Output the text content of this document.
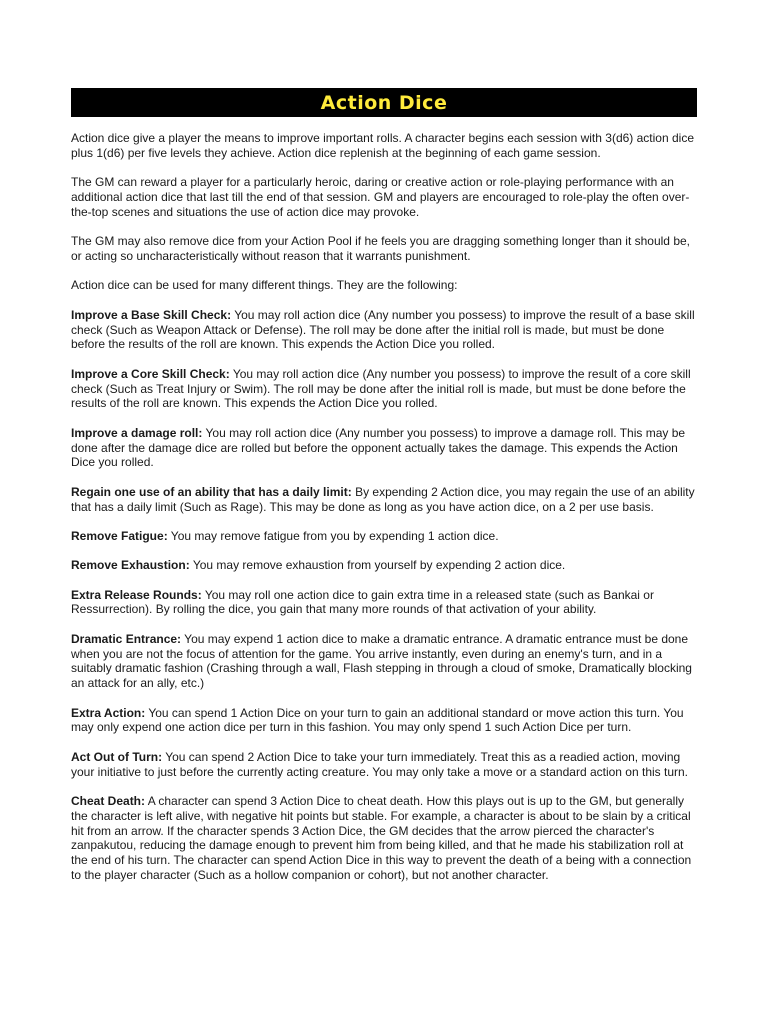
Action Dice

Action dice give a player the means to improve important rolls. A character begins each session with 3(d6) action dice plus 1(d6) per five levels they achieve. Action dice replenish at the beginning of each game session.

The GM can reward a player for a particularly heroic, daring or creative action or role-playing performance with an additional action dice that last till the end of that session. GM and players are encouraged to role-play the often over-the-top scenes and situations the use of action dice may provoke.

The GM may also remove dice from your Action Pool if he feels you are dragging something longer than it should be, or acting so uncharacteristically without reason that it warrants punishment.

Action dice can be used for many different things. They are the following:

Improve a Base Skill Check: You may roll action dice (Any number you possess) to improve the result of a base skill check (Such as Weapon Attack or Defense). The roll may be done after the initial roll is made, but must be done before the results of the roll are known. This expends the Action Dice you rolled.

Improve a Core Skill Check: You may roll action dice (Any number you possess) to improve the result of a core skill check (Such as Treat Injury or Swim). The roll may be done after the initial roll is made, but must be done before the results of the roll are known. This expends the Action Dice you rolled.

Improve a damage roll: You may roll action dice (Any number you possess) to improve a damage roll. This may be done after the damage dice are rolled but before the opponent actually takes the damage. This expends the Action Dice you rolled.

Regain one use of an ability that has a daily limit: By expending 2 Action dice, you may regain the use of an ability that has a daily limit (Such as Rage). This may be done as long as you have action dice, on a 2 per use basis.

Remove Fatigue: You may remove fatigue from you by expending 1 action dice.

Remove Exhaustion: You may remove exhaustion from yourself by expending 2 action dice.

Extra Release Rounds: You may roll one action dice to gain extra time in a released state (such as Bankai or Ressurrection). By rolling the dice, you gain that many more rounds of that activation of your ability.

Dramatic Entrance: You may expend 1 action dice to make a dramatic entrance. A dramatic entrance must be done when you are not the focus of attention for the game. You arrive instantly, even during an enemy's turn, and in a suitably dramatic fashion (Crashing through a wall, Flash stepping in through a cloud of smoke, Dramatically blocking an attack for an ally, etc.)

Extra Action: You can spend 1 Action Dice on your turn to gain an additional standard or move action this turn. You may only expend one action dice per turn in this fashion. You may only spend 1 such Action Dice per turn.

Act Out of Turn: You can spend 2 Action Dice to take your turn immediately. Treat this as a readied action, moving your initiative to just before the currently acting creature. You may only take a move or a standard action on this turn.

Cheat Death: A character can spend 3 Action Dice to cheat death. How this plays out is up to the GM, but generally the character is left alive, with negative hit points but stable. For example, a character is about to be slain by a critical hit from an arrow. If the character spends 3 Action Dice, the GM decides that the arrow pierced the character's zanpakutou, reducing the damage enough to prevent him from being killed, and that he made his stabilization roll at the end of his turn. The character can spend Action Dice in this way to prevent the death of a being with a connection to the player character (Such as a hollow companion or cohort), but not another character.
